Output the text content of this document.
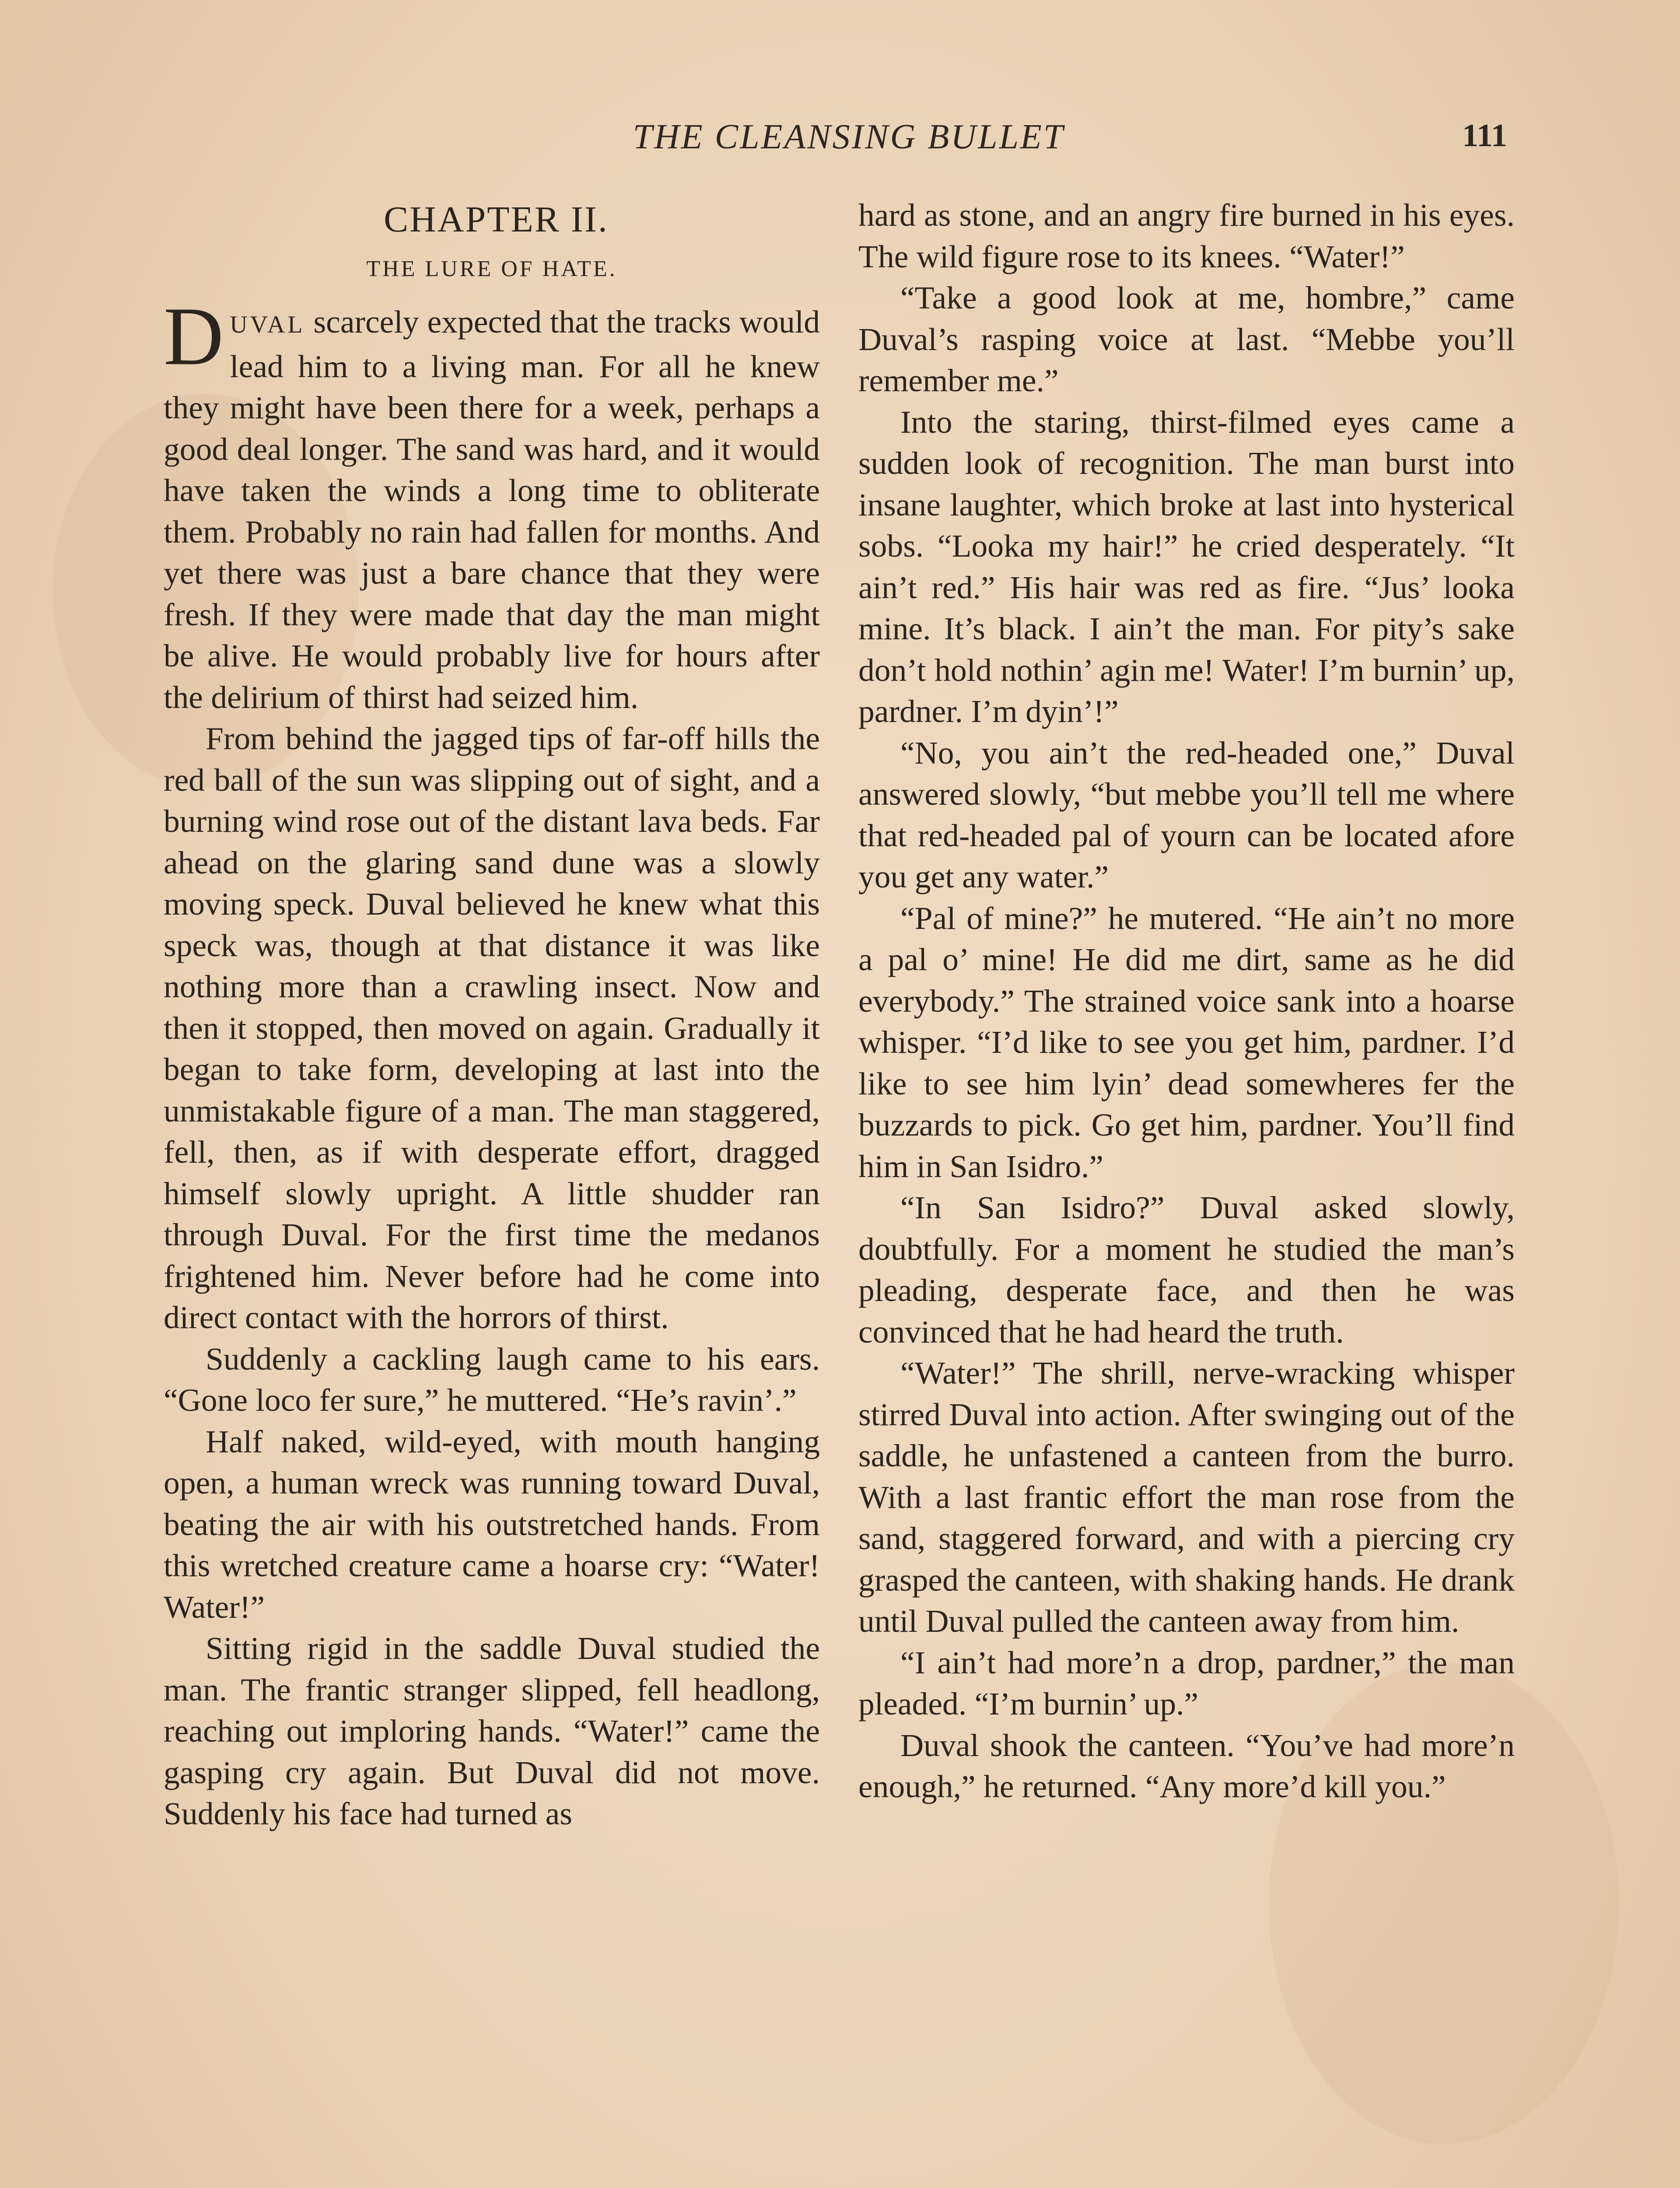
THE CLEANSING BULLET	111
CHAPTER II.
THE LURE OF HATE.

DUVAL scarcely expected that the tracks would lead him to a living man. For all he knew they might have been there for a week, perhaps a good deal longer. The sand was hard, and it would have taken the winds a long time to obliterate them. Probably no rain had fallen for months. And yet there was just a bare chance that they were fresh. If they were made that day the man might be alive. He would probably live for hours after the delirium of thirst had seized him.

From behind the jagged tips of far-off hills the red ball of the sun was slipping out of sight, and a burning wind rose out of the distant lava beds. Far ahead on the glaring sand dune was a slowly moving speck. Duval believed he knew what this speck was, though at that distance it was like nothing more than a crawling insect. Now and then it stopped, then moved on again. Gradually it began to take form, developing at last into the unmistakable figure of a man. The man staggered, fell, then, as if with desperate effort, dragged himself slowly upright. A little shudder ran through Duval. For the first time the medanos frightened him. Never before had he come into direct contact with the horrors of thirst.

Suddenly a cackling laugh came to his ears. “Gone loco fer sure,” he muttered. “He’s ravin’.”

Half naked, wild-eyed, with mouth hanging open, a human wreck was running toward Duval, beating the air with his outstretched hands. From this wretched creature came a hoarse cry: “Water! Water!”

Sitting rigid in the saddle Duval studied the man. The frantic stranger slipped, fell headlong, reaching out imploring hands. “Water!” came the gasping cry again. But Duval did not move. Suddenly his face had turned as

hard as stone, and an angry fire burned in his eyes. The wild figure rose to its knees. “Water!”

“Take a good look at me, hombre,” came Duval’s rasping voice at last. “Mebbe you’ll remember me.”

Into the staring, thirst-filmed eyes came a sudden look of recognition. The man burst into insane laughter, which broke at last into hysterical sobs. “Looka my hair!” he cried desperately. “It ain’t red.” His hair was red as fire. “Jus’ looka mine. It’s black. I ain’t the man. For pity’s sake don’t hold nothin’ agin me! Water! I’m burnin’ up, pardner. I’m dyin’!”

“No, you ain’t the red-headed one,” Duval answered slowly, “but mebbe you’ll tell me where that red-headed pal of yourn can be located afore you get any water.”

“Pal of mine?” he mutered. “He ain’t no more a pal o’ mine! He did me dirt, same as he did everybody.” The strained voice sank into a hoarse whisper. “I’d like to see you get him, pardner. I’d like to see him lyin’ dead somewheres fer the buzzards to pick. Go get him, pardner. You’ll find him in San Isidro.”

“In San Isidro?” Duval asked slowly, doubtfully. For a moment he studied the man’s pleading, desperate face, and then he was convinced that he had heard the truth.

“Water!” The shrill, nerve-wracking whisper stirred Duval into action. After swinging out of the saddle, he unfastened a canteen from the burro. With a last frantic effort the man rose from the sand, staggered forward, and with a piercing cry grasped the canteen, with shaking hands. He drank until Duval pulled the canteen away from him.

“I ain’t had more’n a drop, pardner,” the man pleaded. “I’m burnin’ up.”

Duval shook the canteen. “You’ve had more’n enough,” he returned. “Any more’d kill you.”
